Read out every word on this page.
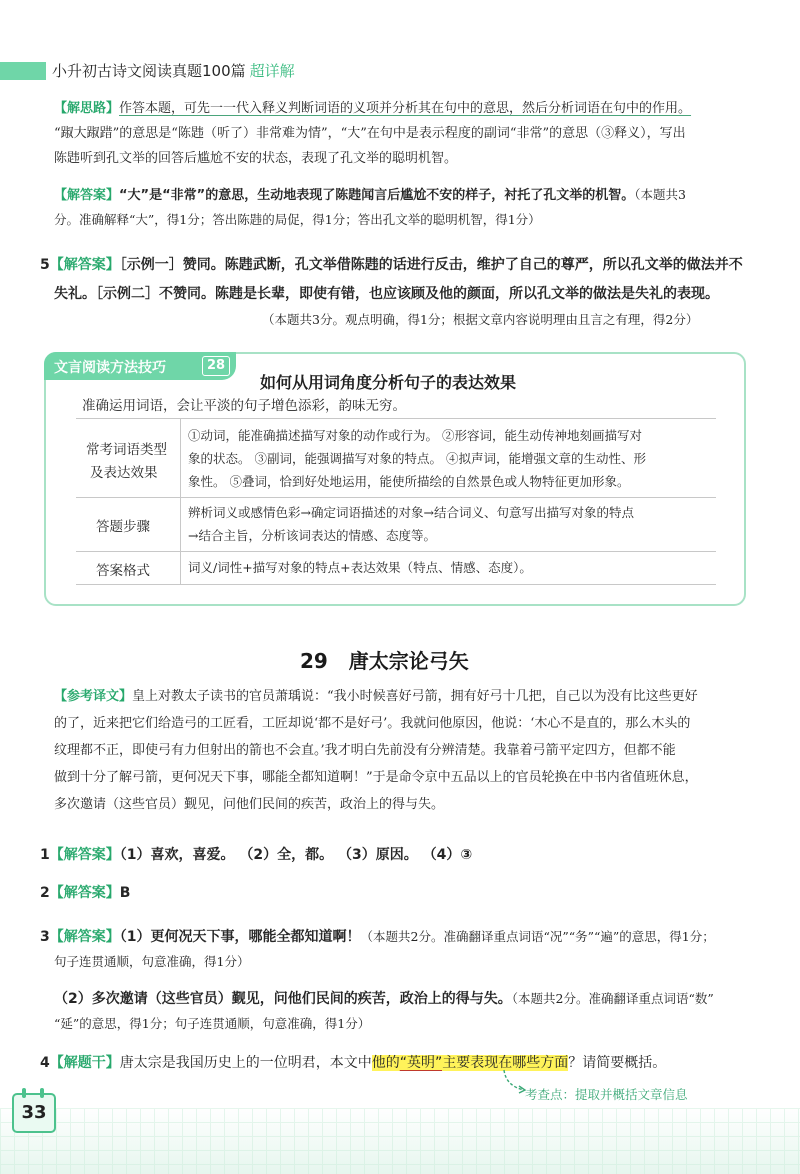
小升初古诗文阅读真题100篇 超详解
【解思路】作答本题，可先一一代入释义判断词语的义项并分析其在句中的意思，然后分析词语在句中的作用。
“踧大踧踖”的意思是“陈韪（听了）非常难为情”，“大”在句中是表示程度的副词“非常”的意思（③释义），写出
陈韪听到孔文举的回答后尴尬不安的状态，表现了孔文举的聪明机智。
【解答案】“大”是“非常”的意思，生动地表现了陈韪闻言后尴尬不安的样子，衬托了孔文举的机智。（本题共3
分。准确解释“大”，得1分；答出陈韪的局促，得1分；答出孔文举的聪明机智，得1分）
5【解答案】［示例一］赞同。陈韪武断，孔文举借陈韪的话进行反击，维护了自己的尊严，所以孔文举的做法并不
失礼。［示例二］不赞同。陈韪是长辈，即使有错，也应该顾及他的颜面，所以孔文举的做法是失礼的表现。
（本题共3分。观点明确，得1分；根据文章内容说明理由且言之有理，得2分）
文言阅读方法技巧	28
如何从用词角度分析句子的表达效果
准确运用词语，会让平淡的句子增色添彩，韵味无穷。
常考词语类型
及表达效果
①动词，能准确描述描写对象的动作或行为。 ②形容词，能生动传神地刻画描写对
象的状态。 ③副词，能强调描写对象的特点。 ④拟声词，能增强文章的生动性、形
象性。 ⑤叠词，恰到好处地运用，能使所描绘的自然景色或人物特征更加形象。
答题步骤
辨析词义或感情色彩→确定词语描述的对象→结合词义、句意写出描写对象的特点
→结合主旨，分析该词表达的情感、态度等。
答案格式	词义/词性+描写对象的特点+表达效果（特点、情感、态度）。
29 唐太宗论弓矢
【参考译文】皇上对教太子读书的官员萧瑀说：“我小时候喜好弓箭，拥有好弓十几把，自己以为没有比这些更好
的了，近来把它们给造弓的工匠看，工匠却说‘都不是好弓’。我就问他原因，他说：‘木心不是直的，那么木头的
纹理都不正，即使弓有力但射出的箭也不会直。’我才明白先前没有分辨清楚。我靠着弓箭平定四方，但都不能
做到十分了解弓箭，更何况天下事，哪能全都知道啊！”于是命令京中五品以上的官员轮换在中书内省值班休息，
多次邀请（这些官员）觐见，问他们民间的疾苦，政治上的得与失。
1【解答案】（1）喜欢，喜爱。 （2）全，都。 （3）原因。 （4）③
2【解答案】B
3【解答案】（1）更何况天下事，哪能全都知道啊！（本题共2分。准确翻译重点词语“况”“务”“遍”的意思，得1分；
句子连贯通顺，句意准确，得1分）
（2）多次邀请（这些官员）觐见，问他们民间的疾苦，政治上的得与失。（本题共2分。准确翻译重点词语“数”
“延”的意思，得1分；句子连贯通顺，句意准确，得1分）
4【解题干】唐太宗是我国历史上的一位明君，本文中他的“英明”主要表现在哪些方面？请简要概括。
考查点：提取并概括文章信息
33
